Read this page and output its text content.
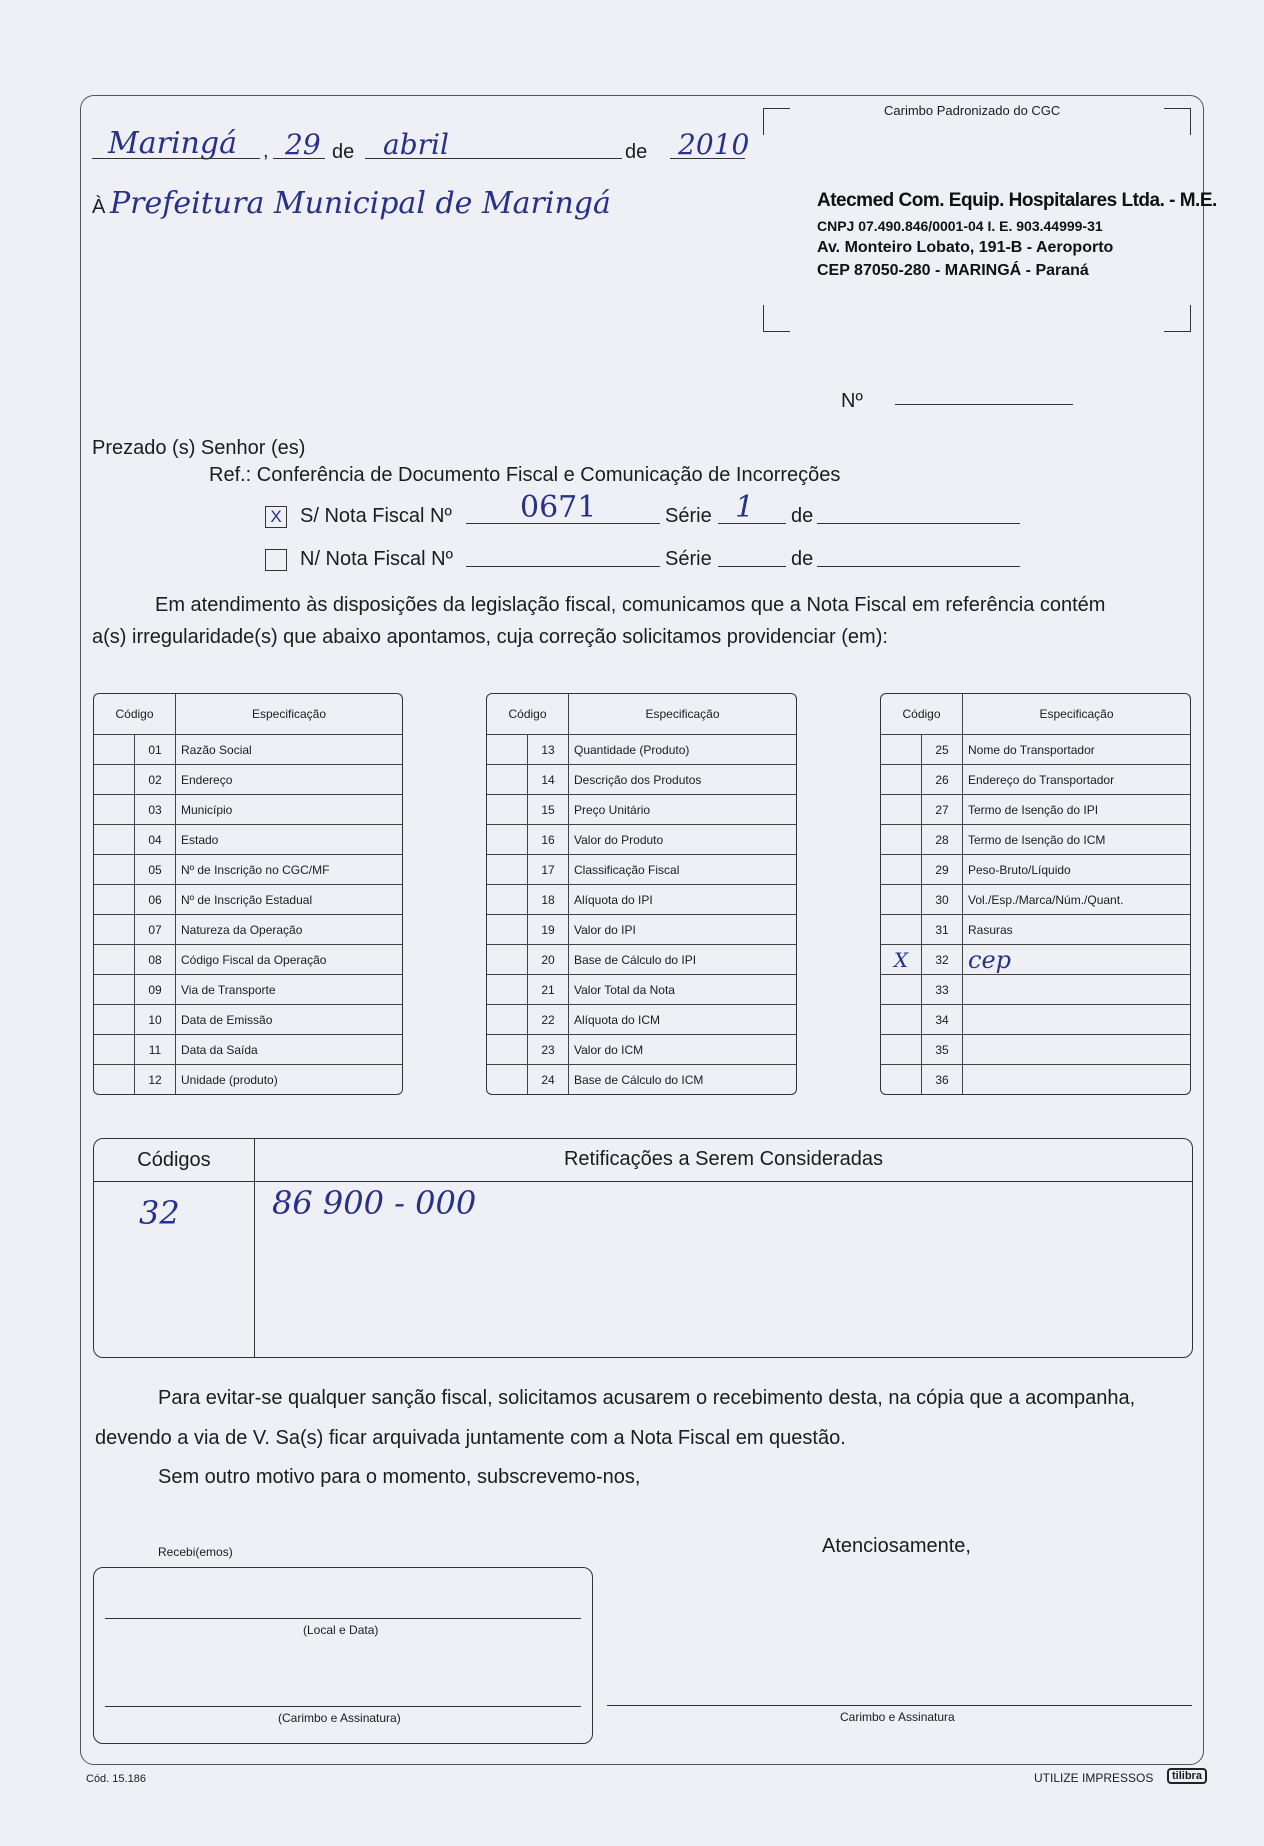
Carimbo Padronizado do CGC
Maringá , 29 de abril	de 2010
À Prefeitura Municipal de Maringá	Atecmed Com. Equip. Hospitalares Ltda. - M.E.
CNPJ 07.490.846/0001-04 I. E. 903.44999-31
Av. Monteiro Lobato, 191-B - Aeroporto
CEP 87050-280 - MARINGÁ - Paraná
Nº
Prezado (s) Senhor (es)
Ref.: Conferência de Documento Fiscal e Comunicação de Incorreções
X S/ Nota Fiscal Nº 0671	Série 1 de
N/ Nota Fiscal Nº	Série	de
Em atendimento às disposições da legislação fiscal, comunicamos que a Nota Fiscal em referência contém
a(s) irregularidade(s) que abaixo apontamos, cuja correção solicitamos providenciar (em):
Código		Especificação
	01	Razão Social
	02	Endereço
	03	Município
	04	Estado
	05	Nº de Inscrição no CGC/MF
	06	Nº de Inscrição Estadual
	07	Natureza da Operação
	08	Código Fiscal da Operação
	09	Via de Transporte
	10	Data de Emissão
	11	Data da Saída
	12	Unidade (produto)
Código		Especificação
	13	Quantidade (Produto)
	14	Descrição dos Produtos
	15	Preço Unitário
	16	Valor do Produto
	17	Classificação Fiscal
	18	Alíquota do IPI
	19	Valor do IPI
	20	Base de Cálculo do IPI
	21	Valor Total da Nota
	22	Alíquota do ICM
	23	Valor do ICM
	24	Base de Cálculo do ICM
Código		Especificação
	25	Nome do Transportador
	26	Endereço do Transportador
	27	Termo de Isenção do IPI
	28	Termo de Isenção do ICM
	29	Peso-Bruto/Líquido
	30	Vol./Esp./Marca/Núm./Quant.
	31	Rasuras
X	32	cep
	33	
	34	
	35	
	36	
Códigos	Retificações a Serem Consideradas
32	86 900 - 000
Para evitar-se qualquer sanção fiscal, solicitamos acusarem o recebimento desta, na cópia que a acompanha,
devendo a via de V. Sa(s) ficar arquivada juntamente com a Nota Fiscal em questão.
Sem outro motivo para o momento, subscrevemo-nos,
Recebi(emos)	Atenciosamente,
(Local e Data)
(Carimbo e Assinatura)	Carimbo e Assinatura
Cód. 15.186	UTILIZE IMPRESSOS	tilibra
